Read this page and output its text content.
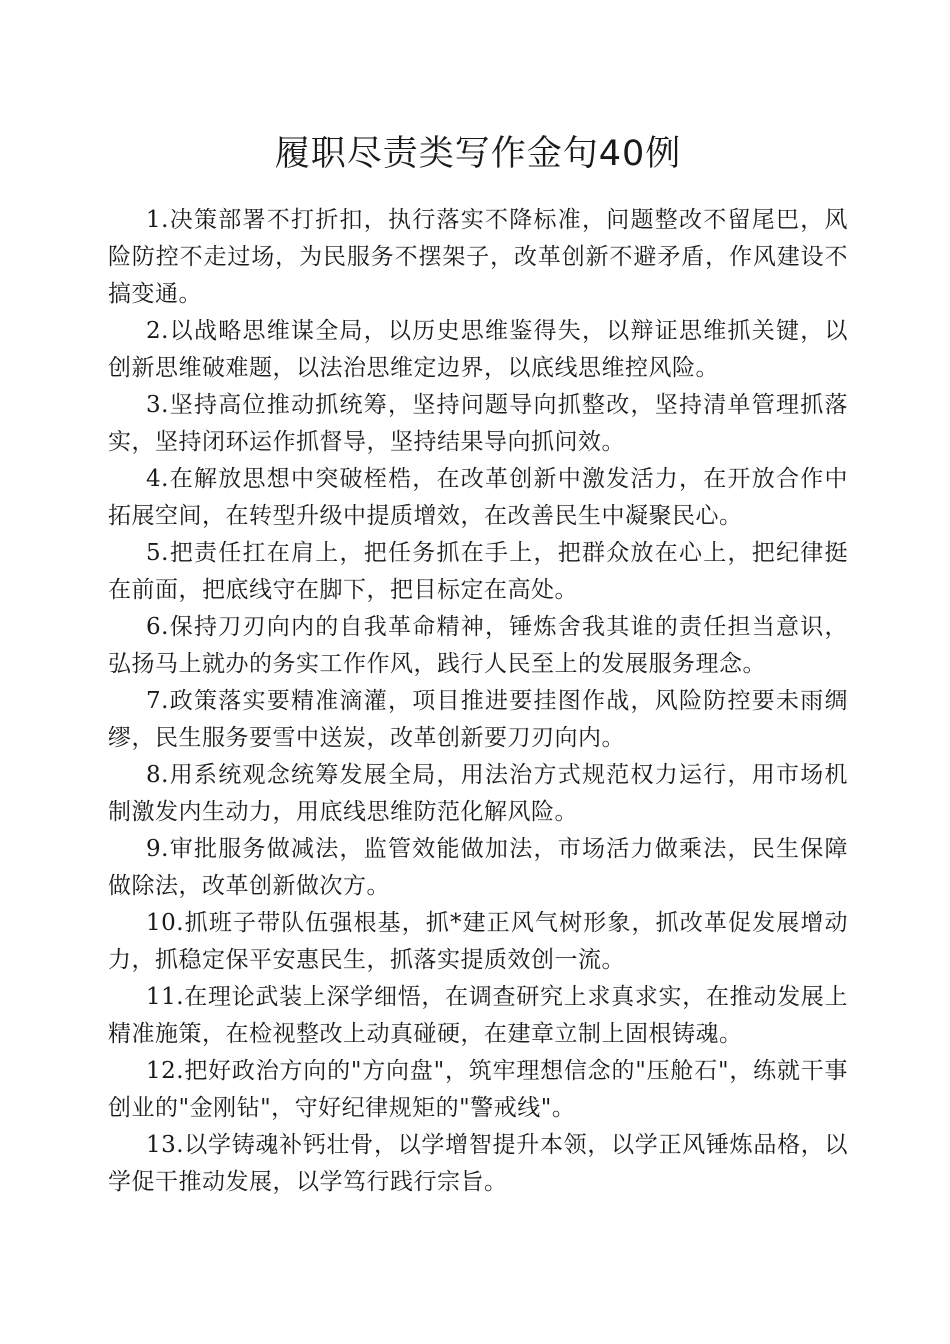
履职尽责类写作金句40例

1.决策部署不打折扣，执行落实不降标准，问题整改不留尾巴，风险防控不走过场，为民服务不摆架子，改革创新不避矛盾，作风建设不搞变通。

2.以战略思维谋全局，以历史思维鉴得失，以辩证思维抓关键，以创新思维破难题，以法治思维定边界，以底线思维控风险。

3.坚持高位推动抓统筹，坚持问题导向抓整改，坚持清单管理抓落实，坚持闭环运作抓督导，坚持结果导向抓问效。

4.在解放思想中突破桎梏，在改革创新中激发活力，在开放合作中拓展空间，在转型升级中提质增效，在改善民生中凝聚民心。

5.把责任扛在肩上，把任务抓在手上，把群众放在心上，把纪律挺在前面，把底线守在脚下，把目标定在高处。

6.保持刀刃向内的自我革命精神，锤炼舍我其谁的责任担当意识，弘扬马上就办的务实工作作风，践行人民至上的发展服务理念。

7.政策落实要精准滴灌，项目推进要挂图作战，风险防控要未雨绸缪，民生服务要雪中送炭，改革创新要刀刃向内。

8.用系统观念统筹发展全局，用法治方式规范权力运行，用市场机制激发内生动力，用底线思维防范化解风险。

9.审批服务做减法，监管效能做加法，市场活力做乘法，民生保障做除法，改革创新做次方。

10.抓班子带队伍强根基，抓*建正风气树形象，抓改革促发展增动力，抓稳定保平安惠民生，抓落实提质效创一流。

11.在理论武装上深学细悟，在调查研究上求真求实，在推动发展上精准施策，在检视整改上动真碰硬，在建章立制上固根铸魂。

12.把好政治方向的"方向盘"，筑牢理想信念的"压舱石"，练就干事创业的"金刚钻"，守好纪律规矩的"警戒线"。

13.以学铸魂补钙壮骨，以学增智提升本领，以学正风锤炼品格，以学促干推动发展，以学笃行践行宗旨。
